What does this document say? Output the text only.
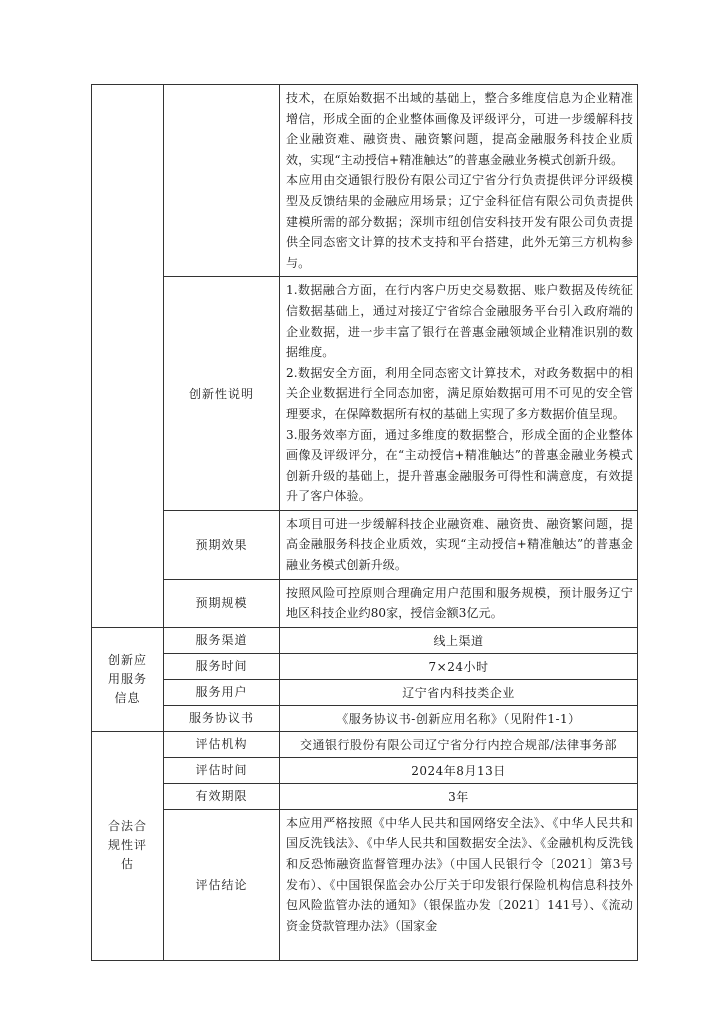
		技术，在原始数据不出域的基础上，整合多维度信息为企业精准增信，形成全面的企业整体画像及评级评分，可进一步缓解科技企业融资难、融资贵、融资繁问题，提高金融服务科技企业质效，实现“主动授信+精准触达”的普惠金融业务模式创新升级。

本应用由交通银行股份有限公司辽宁省分行负责提供评分评级模型及反馈结果的金融应用场景；辽宁金科征信有限公司负责提供建模所需的部分数据；深圳市纽创信安科技开发有限公司负责提供全同态密文计算的技术支持和平台搭建，此外无第三方机构参与。

	创新性说明	1.数据融合方面，在行内客户历史交易数据、账户数据及传统征信数据基础上，通过对接辽宁省综合金融服务平台引入政府端的企业数据，进一步丰富了银行在普惠金融领域企业精准识别的数据维度。

2.数据安全方面，利用全同态密文计算技术，对政务数据中的相关企业数据进行全同态加密，满足原始数据可用不可见的安全管理要求，在保障数据所有权的基础上实现了多方数据价值呈现。

3.服务效率方面，通过多维度的数据整合，形成全面的企业整体画像及评级评分，在“主动授信+精准触达”的普惠金融业务模式创新升级的基础上，提升普惠金融服务可得性和满意度，有效提升了客户体验。

	预期效果	本项目可进一步缓解科技企业融资难、融资贵、融资繁问题，提高金融服务科技企业质效，实现“主动授信+精准触达”的普惠金融业务模式创新升级。

	预期规模	按照风险可控原则合理确定用户范围和服务规模，预计服务辽宁地区科技企业约80家，授信金额3亿元。

创新应用服务信息	服务渠道	线上渠道
	服务时间	7×24小时
	服务用户	辽宁省内科技类企业
	服务协议书	《服务协议书-创新应用名称》（见附件1-1）

合法合规性评估	评估机构	交通银行股份有限公司辽宁省分行内控合规部/法律事务部
	评估时间	2024年8月13日
	有效期限	3年
	评估结论	本应用严格按照《中华人民共和国网络安全法》、《中华人民共和国反洗钱法》、《中华人民共和国数据安全法》、《金融机构反洗钱和反恐怖融资监督管理办法》（中国人民银行令〔2021〕第3号发布）、《中国银保监会办公厅关于印发银行保险机构信息科技外包风险监管办法的通知》（银保监办发〔2021〕141号）、《流动资金贷款管理办法》（国家金
